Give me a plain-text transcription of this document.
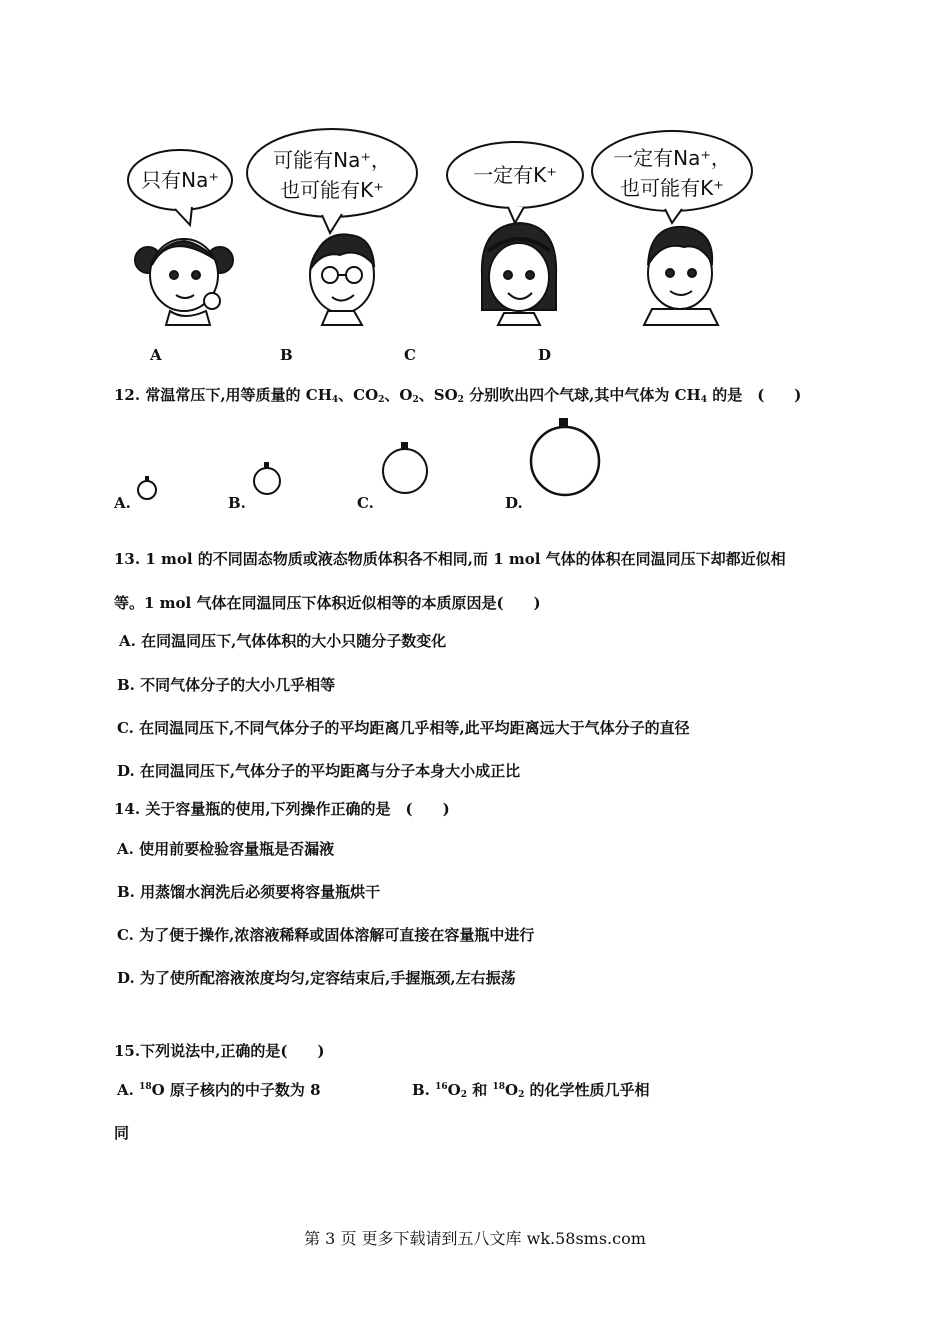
只有Na⁺
可能有Na⁺，
也可能有K⁺
一定有K⁺
一定有Na⁺，
也可能有K⁺
A	B	C	D
12. 常温常压下,用等质量的 $CH_4$、$CO_2$、$O_2$、$SO_2$ 分别吹出四个气球,其中气体为 $CH_4$ 的是　(　　)
A.	B.	C.	D.
13. 1 mol 的不同固态物质或液态物质体积各不相同,而 1 mol 气体的体积在同温同压下却都近似相
等。1 mol 气体在同温同压下体积近似相等的本质原因是(　　)
A. 在同温同压下,气体体积的大小只随分子数变化
B. 不同气体分子的大小几乎相等
C. 在同温同压下,不同气体分子的平均距离几乎相等,此平均距离远大于气体分子的直径
D. 在同温同压下,气体分子的平均距离与分子本身大小成正比
14. 关于容量瓶的使用,下列操作正确的是　(　　)
A. 使用前要检验容量瓶是否漏液
B. 用蒸馏水润洗后必须要将容量瓶烘干
C. 为了便于操作,浓溶液稀释或固体溶解可直接在容量瓶中进行
D. 为了使所配溶液浓度均匀,定容结束后,手握瓶颈,左右振荡
15.下列说法中,正确的是(　　)
A. $^{18}$O 原子核内的中子数为 8	B. $^{16}O_2$ 和 $^{18}O_2$ 的化学性质几乎相
同
第 3 页 更多下载请到五八文库 wk.58sms.com
